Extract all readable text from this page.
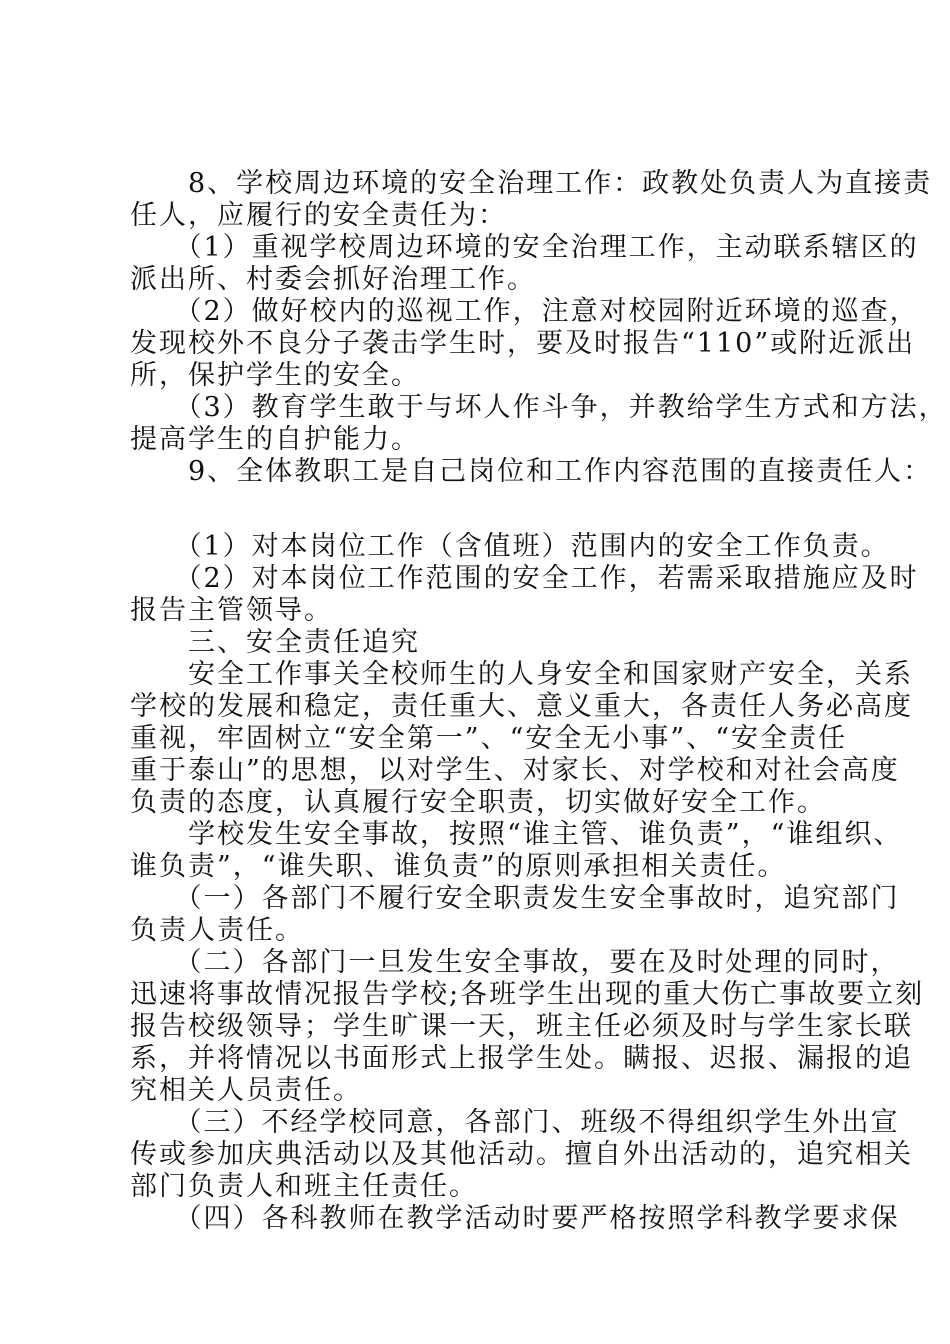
　　8、学校周边环境的安全治理工作：政教处负责人为直接责
任人，应履行的安全责任为：
　　（1）重视学校周边环境的安全治理工作，主动联系辖区的
派出所、村委会抓好治理工作。
　　（2）做好校内的巡视工作，注意对校园附近环境的巡查，
发现校外不良分子袭击学生时，要及时报告“110”或附近派出
所，保护学生的安全。
　　（3）教育学生敢于与坏人作斗争，并教给学生方式和方法，
提高学生的自护能力。
　　9、全体教职工是自己岗位和工作内容范围的直接责任人：
　　（1）对本岗位工作（含值班）范围内的安全工作负责。
　　（2）对本岗位工作范围的安全工作，若需采取措施应及时
报告主管领导。
　　三、安全责任追究
　　安全工作事关全校师生的人身安全和国家财产安全，关系
学校的发展和稳定，责任重大、意义重大，各责任人务必高度
重视，牢固树立“安全第一”、“安全无小事”、“安全责任
重于泰山”的思想，以对学生、对家长、对学校和对社会高度
负责的态度，认真履行安全职责，切实做好安全工作。
　　学校发生安全事故，按照“谁主管、谁负责”，“谁组织、
谁负责”，“谁失职、谁负责”的原则承担相关责任。
　　（一）各部门不履行安全职责发生安全事故时，追究部门
负责人责任。
　　（二）各部门一旦发生安全事故，要在及时处理的同时，
迅速将事故情况报告学校;各班学生出现的重大伤亡事故要立刻
报告校级领导；学生旷课一天，班主任必须及时与学生家长联
系，并将情况以书面形式上报学生处。瞒报、迟报、漏报的追
究相关人员责任。
　　（三）不经学校同意，各部门、班级不得组织学生外出宣
传或参加庆典活动以及其他活动。擅自外出活动的，追究相关
部门负责人和班主任责任。
　　（四）各科教师在教学活动时要严格按照学科教学要求保
